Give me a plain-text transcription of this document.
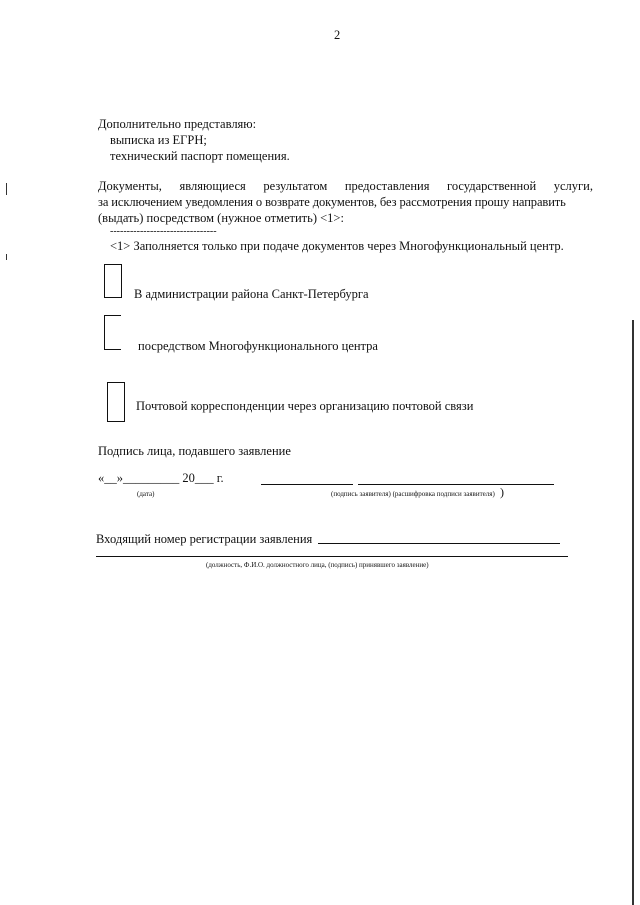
2
Дополнительно представляю:
выписка из ЕГРН;
технический паспорт помещения.
Документы, являющиеся результатом предоставления государственной услуги,
за исключением уведомления о возврате документов, без рассмотрения прошу направить
(выдать) посредством (нужное отметить) <1>:
--------------------------------
<1> Заполняется только при подаче документов через Многофункциональный центр.
В администрации района Санкт-Петербурга
посредством Многофункционального центра
Почтовой корреспонденции через организацию почтовой связи
Подпись лица, подавшего заявление
«__»_________ 20___ г.
(дата)	(подпись заявителя) (расшифровка подписи заявителя) )
Входящий номер регистрации заявления
(должность, Ф.И.О. должностного лица, (подпись) принявшего заявление)
